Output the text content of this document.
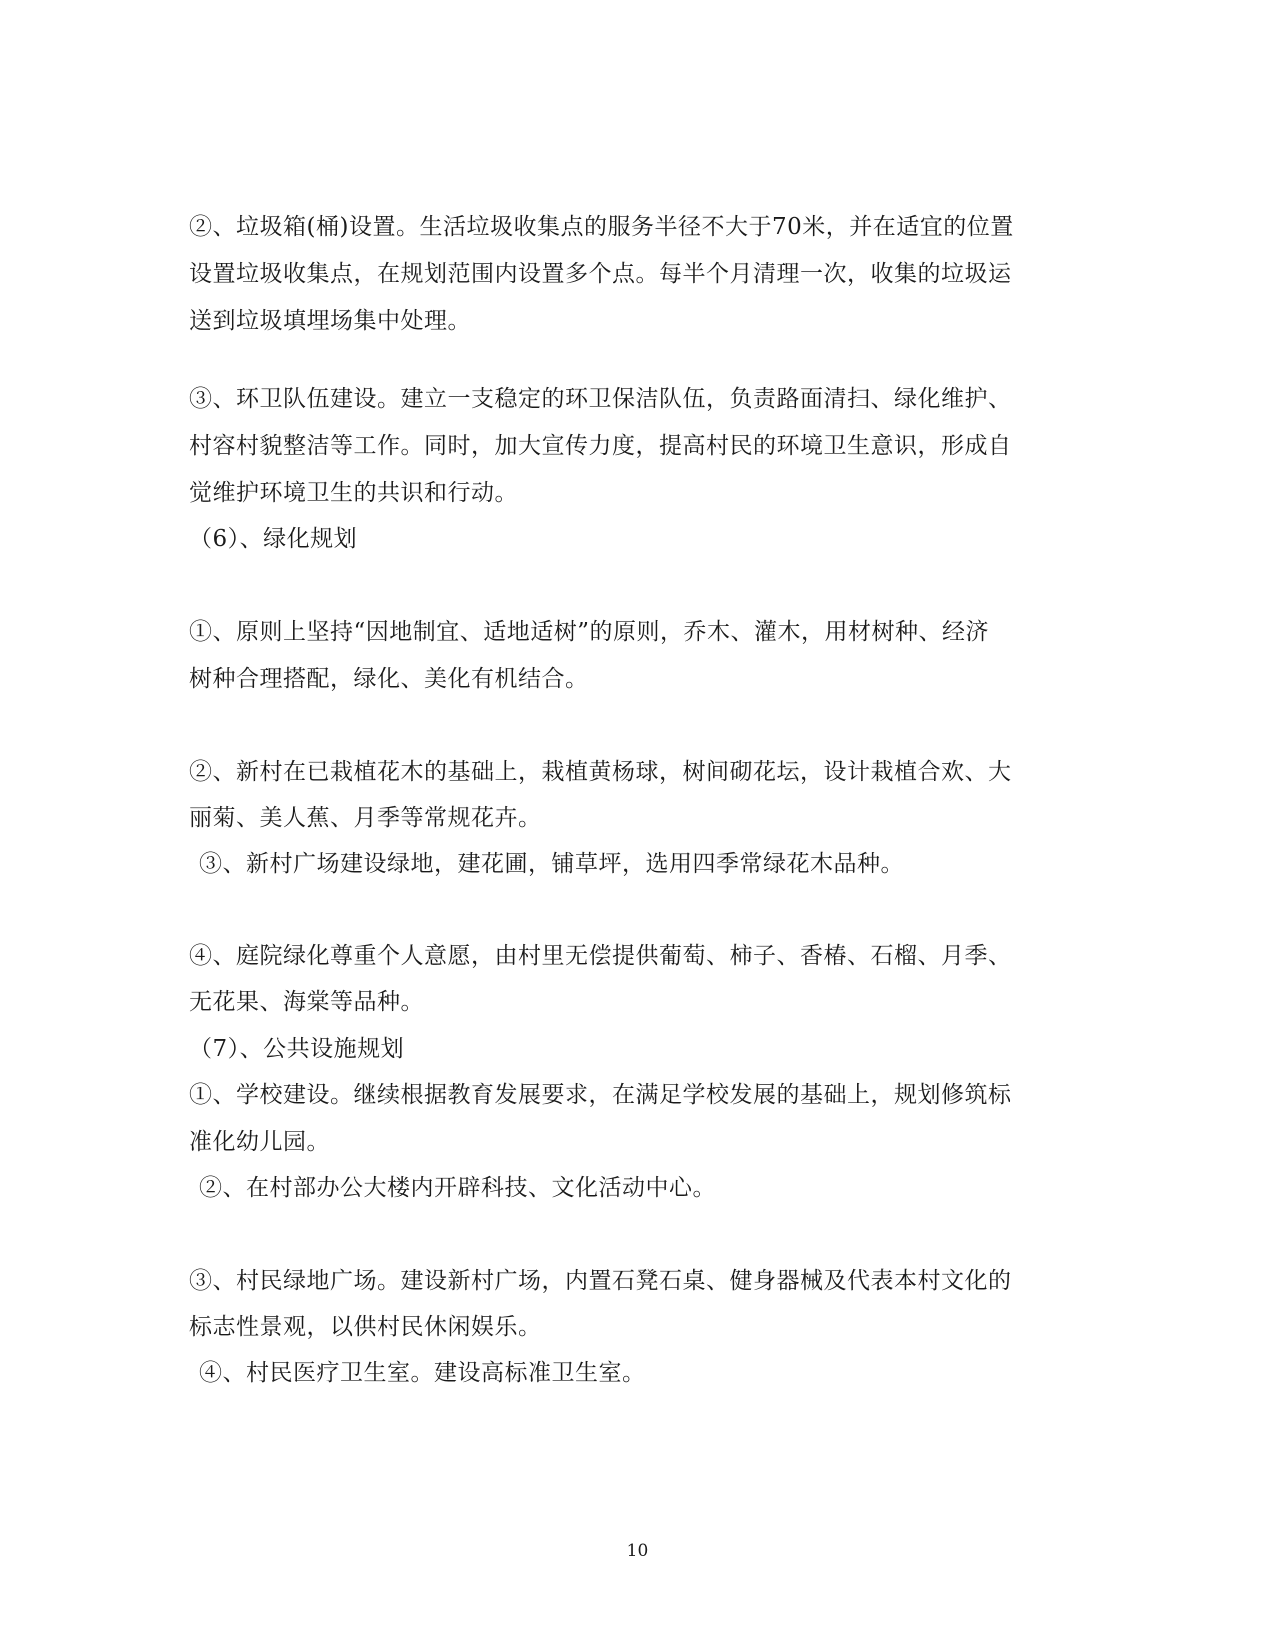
②、垃圾箱(桶)设置。生活垃圾收集点的服务半径不大于70米，并在适宜的位置
设置垃圾收集点，在规划范围内设置多个点。每半个月清理一次，收集的垃圾运
送到垃圾填埋场集中处理。
③、环卫队伍建设。建立一支稳定的环卫保洁队伍，负责路面清扫、绿化维护、
村容村貌整洁等工作。同时，加大宣传力度，提高村民的环境卫生意识，形成自
觉维护环境卫生的共识和行动。
（6）、绿化规划
①、原则上坚持“因地制宜、适地适树”的原则，乔木、灌木，用材树种、经济
树种合理搭配，绿化、美化有机结合。
②、新村在已栽植花木的基础上，栽植黄杨球，树间砌花坛，设计栽植合欢、大
丽菊、美人蕉、月季等常规花卉。
③、新村广场建设绿地，建花圃，铺草坪，选用四季常绿花木品种。
④、庭院绿化尊重个人意愿，由村里无偿提供葡萄、柿子、香椿、石榴、月季、
无花果、海棠等品种。
（7）、公共设施规划
①、学校建设。继续根据教育发展要求，在满足学校发展的基础上，规划修筑标
准化幼儿园。
②、在村部办公大楼内开辟科技、文化活动中心。
③、村民绿地广场。建设新村广场，内置石凳石桌、健身器械及代表本村文化的
标志性景观，以供村民休闲娱乐。
④、村民医疗卫生室。建设高标准卫生室。
10
